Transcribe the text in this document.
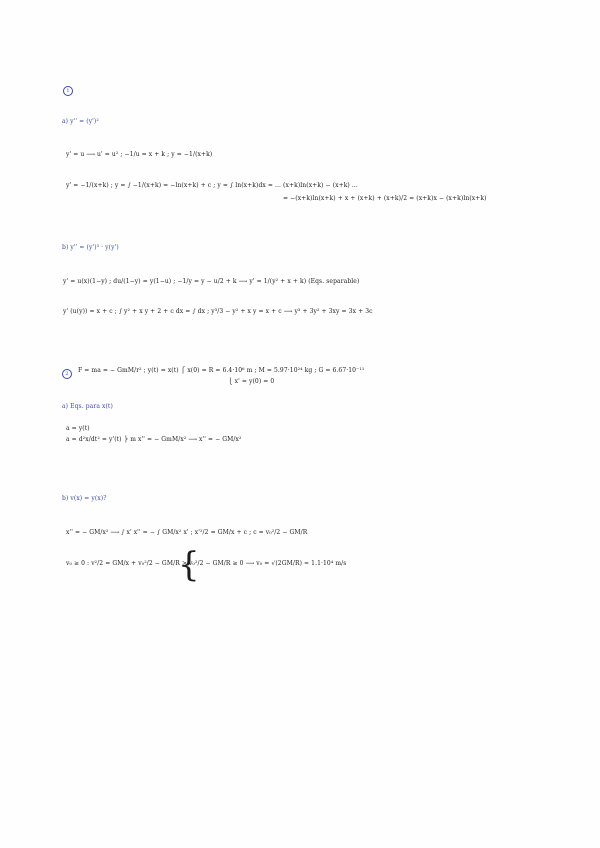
1
a) y'' = (y')²
y' = u ⟶ u' = u² ; −1/u = x + k ; y = −1/(x+k)
y' = −1/(x+k) ; y = ∫ −1/(x+k) = −ln(x+k) + c ; y = ∫ ln(x+k)dx = ... (x+k)ln(x+k) − (x+k) ...
= −(x+k)ln(x+k) + x + (x+k) + (x+k)/2 = (x+k)x − (x+k)ln(x+k)
b) y'' = (y')³ · y(y')
y' = u(x)(1−y) ; du/(1−y) = y(1−u) ; −1/y = y − u/2 + k ⟶ y' = 1/(y² + x + k) (Eqs. separable)
y' (u(y)) = x + c ; ∫ y² + x y + 2 + c dx = ∫ dx ; y³/3 − y² + x y = x + c ⟶ y³ + 3y² + 3xy = 3x + 3c
2	F = ma = − GmM/r² ; y(t) = x(t) ⎧ x(0) = R = 6.4·10⁶ m ; M = 5.97·10²⁴ kg ; G = 6.67·10⁻¹¹
⎩ x' = y(0) = 0
a) Eqs. para x(t)
a = y(t)
a = d²x/dt² = y'(t) ⎬ m x'' = − GmM/x² ⟶ x'' = − GM/x²
b) v(x) = y(x)?
x'' = − GM/x² ⟶ ∫ x' x'' = − ∫ GM/x² x' ; x'²/2 = GM/x + c ; c = v₀²/2 − GM/R
{
v₀ ≥ 0 : v²/2 = GM/x + v₀²/2 − GM/R > v₀²/2 − GM/R ≥ 0 ⟶ v₀ = √(2GM/R) ≈ 1.1·10⁴ m/s
